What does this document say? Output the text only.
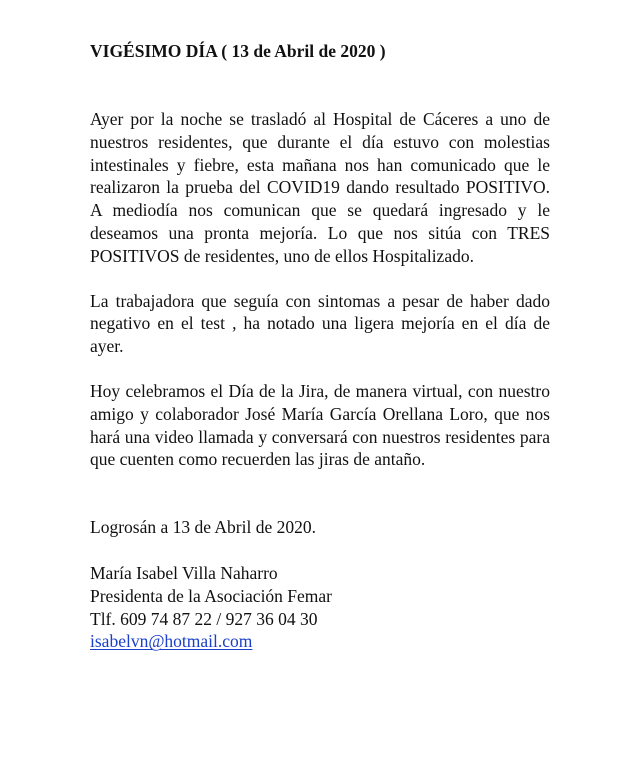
VIGÉSIMO DÍA ( 13 de Abril de 2020 )

Ayer por la noche se trasladó al Hospital de Cáceres a uno de nuestros residentes, que durante el día estuvo con molestias intestinales y fiebre, esta mañana nos han comunicado que le realizaron la prueba del COVID19 dando resultado POSITIVO. A mediodía nos comunican que se quedará ingresado y le deseamos una pronta mejoría. Lo que nos sitúa con TRES POSITIVOS de residentes, uno de ellos Hospitalizado.

La trabajadora que seguía con sintomas a pesar de haber dado negativo en el test , ha notado una ligera mejoría en el día de ayer.

Hoy celebramos el Día de la Jira, de manera virtual, con nuestro amigo y colaborador José María García Orellana Loro, que nos hará una video llamada y conversará con nuestros residentes para que cuenten como recuerden las jiras de antaño.

Logrosán a 13 de Abril de 2020.

María Isabel Villa Naharro
Presidenta de la Asociación Femar
Tlf. 609 74 87 22 / 927 36 04 30
isabelvn@hotmail.com
